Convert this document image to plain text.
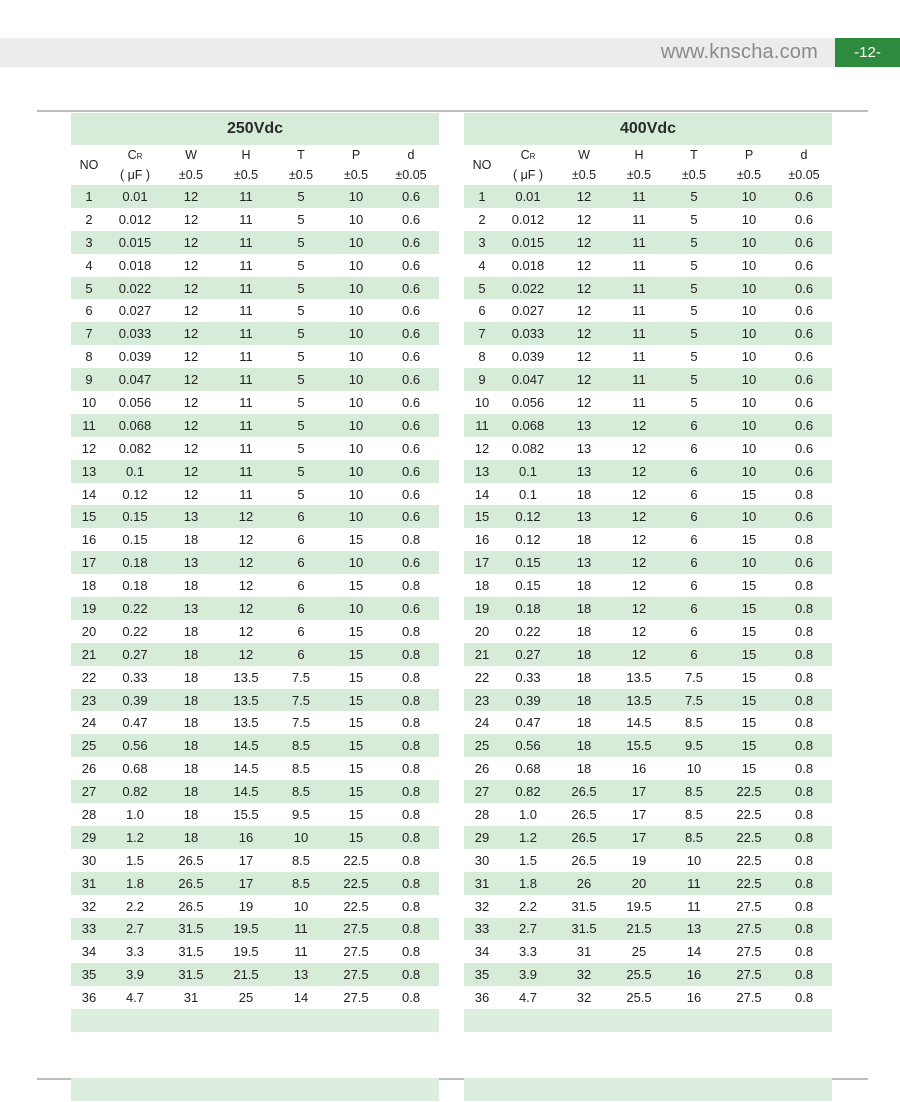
www.knscha.com	-12-
250Vdc						
NO	CR	W	H	T	P	d
	( μF )	±0.5	±0.5	±0.5	±0.5	±0.05
1	0.01	12	11	5	10	0.6
2	0.012	12	11	5	10	0.6
3	0.015	12	11	5	10	0.6
4	0.018	12	11	5	10	0.6
5	0.022	12	11	5	10	0.6
6	0.027	12	11	5	10	0.6
7	0.033	12	11	5	10	0.6
8	0.039	12	11	5	10	0.6
9	0.047	12	11	5	10	0.6
10	0.056	12	11	5	10	0.6
11	0.068	12	11	5	10	0.6
12	0.082	12	11	5	10	0.6
13	0.1	12	11	5	10	0.6
14	0.12	12	11	5	10	0.6
15	0.15	13	12	6	10	0.6
16	0.15	18	12	6	15	0.8
17	0.18	13	12	6	10	0.6
18	0.18	18	12	6	15	0.8
19	0.22	13	12	6	10	0.6
20	0.22	18	12	6	15	0.8
21	0.27	18	12	6	15	0.8
22	0.33	18	13.5	7.5	15	0.8
23	0.39	18	13.5	7.5	15	0.8
24	0.47	18	13.5	7.5	15	0.8
25	0.56	18	14.5	8.5	15	0.8
26	0.68	18	14.5	8.5	15	0.8
27	0.82	18	14.5	8.5	15	0.8
28	1.0	18	15.5	9.5	15	0.8
29	1.2	18	16	10	15	0.8
30	1.5	26.5	17	8.5	22.5	0.8
31	1.8	26.5	17	8.5	22.5	0.8
32	2.2	26.5	19	10	22.5	0.8
33	2.7	31.5	19.5	11	27.5	0.8
34	3.3	31.5	19.5	11	27.5	0.8
35	3.9	31.5	21.5	13	27.5	0.8
36	4.7	31	25	14	27.5	0.8

400Vdc						
NO	CR	W	H	T	P	d
	( μF )	±0.5	±0.5	±0.5	±0.5	±0.05
1	0.01	12	11	5	10	0.6
2	0.012	12	11	5	10	0.6
3	0.015	12	11	5	10	0.6
4	0.018	12	11	5	10	0.6
5	0.022	12	11	5	10	0.6
6	0.027	12	11	5	10	0.6
7	0.033	12	11	5	10	0.6
8	0.039	12	11	5	10	0.6
9	0.047	12	11	5	10	0.6
10	0.056	12	11	5	10	0.6
11	0.068	13	12	6	10	0.6
12	0.082	13	12	6	10	0.6
13	0.1	13	12	6	10	0.6
14	0.1	18	12	6	15	0.8
15	0.12	13	12	6	10	0.6
16	0.12	18	12	6	15	0.8
17	0.15	13	12	6	10	0.6
18	0.15	18	12	6	15	0.8
19	0.18	18	12	6	15	0.8
20	0.22	18	12	6	15	0.8
21	0.27	18	12	6	15	0.8
22	0.33	18	13.5	7.5	15	0.8
23	0.39	18	13.5	7.5	15	0.8
24	0.47	18	14.5	8.5	15	0.8
25	0.56	18	15.5	9.5	15	0.8
26	0.68	18	16	10	15	0.8
27	0.82	26.5	17	8.5	22.5	0.8
28	1.0	26.5	17	8.5	22.5	0.8
29	1.2	26.5	17	8.5	22.5	0.8
30	1.5	26.5	19	10	22.5	0.8
31	1.8	26	20	11	22.5	0.8
32	2.2	31.5	19.5	11	27.5	0.8
33	2.7	31.5	21.5	13	27.5	0.8
34	3.3	31	25	14	27.5	0.8
35	3.9	32	25.5	16	27.5	0.8
36	4.7	32	25.5	16	27.5	0.8
